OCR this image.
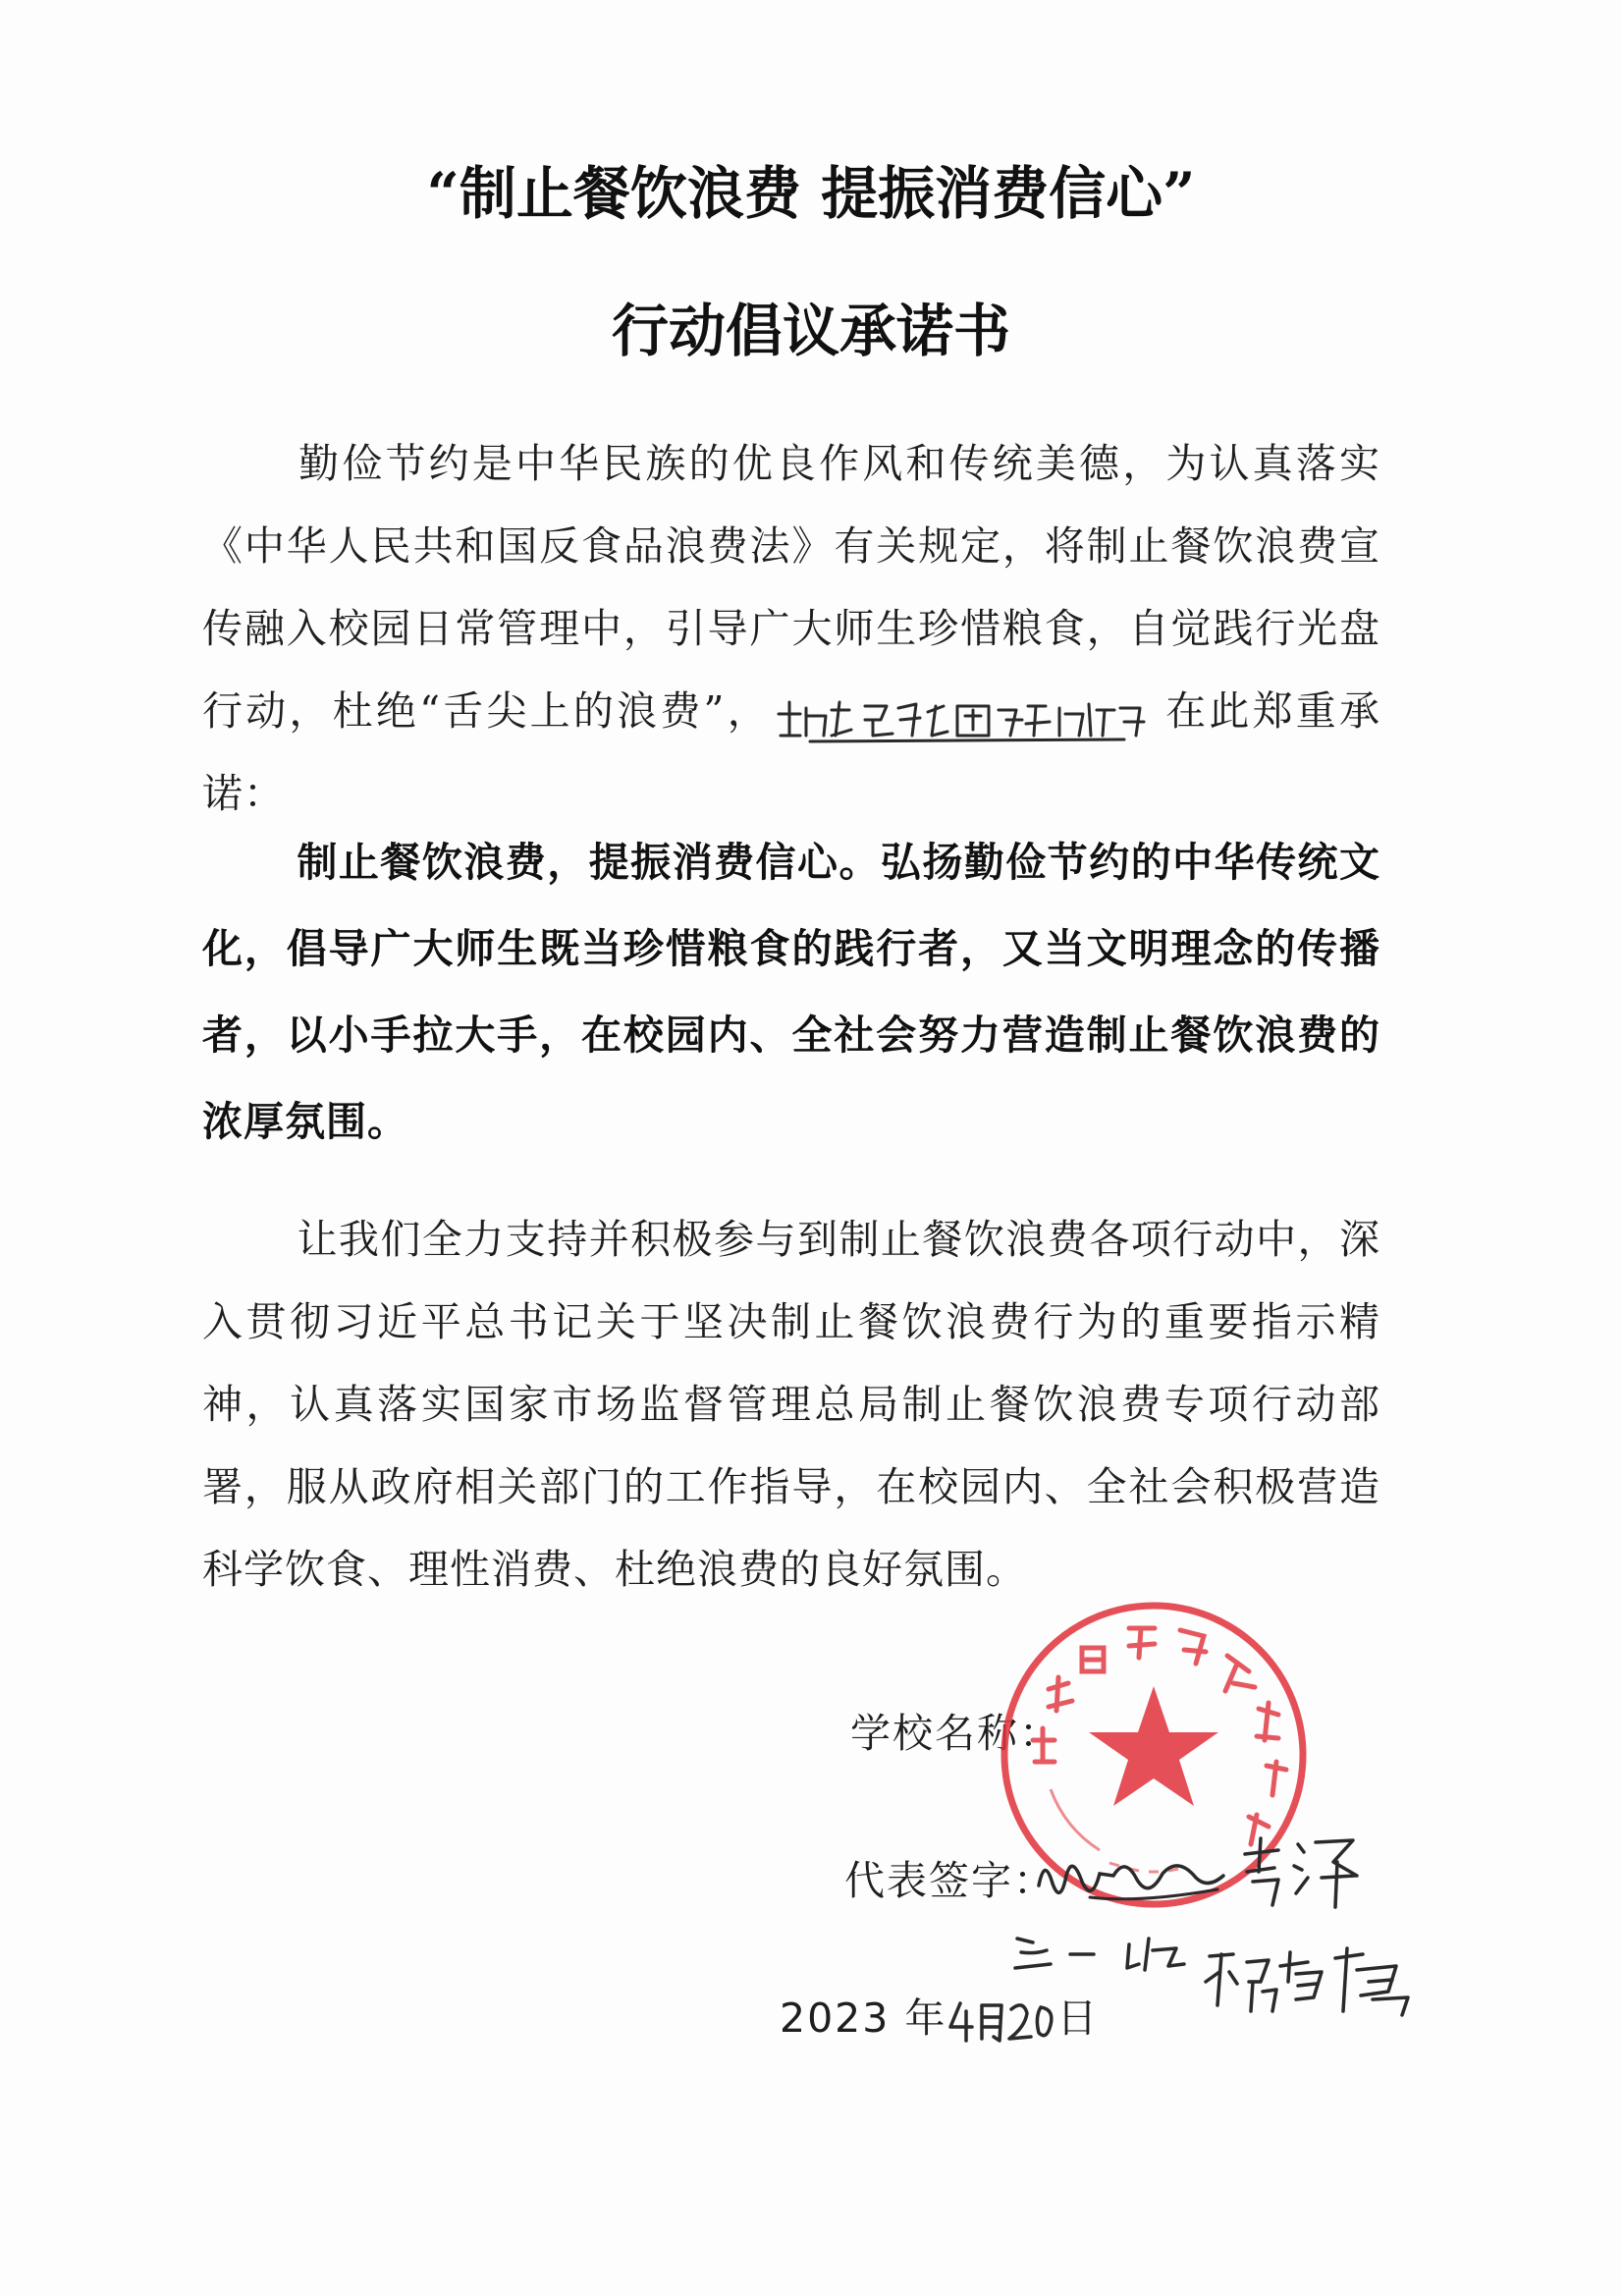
“制止餐饮浪费 提振消费信心”
行动倡议承诺书
勤俭节约是中华民族的优良作风和传统美德，为认真落实《中华人民共和国反食品浪费法》有关规定，将制止餐饮浪费宣传融入校园日常管理中，引导广大师生珍惜粮食，自觉践行光盘行动，杜绝“舌尖上的浪费”，	在此郑重承诺：
制止餐饮浪费，提振消费信心。弘扬勤俭节约的中华传统文化，倡导广大师生既当珍惜粮食的践行者，又当文明理念的传播者，以小手拉大手，在校园内、全社会努力营造制止餐饮浪费的浓厚氛围。
让我们全力支持并积极参与到制止餐饮浪费各项行动中，深入贯彻习近平总书记关于坚决制止餐饮浪费行为的重要指示精神，认真落实国家市场监督管理总局制止餐饮浪费专项行动部署，服从政府相关部门的工作指导，在校园内、全社会积极营造科学饮食、理性消费、杜绝浪费的良好氛围。
学校名称：
代表签字：
2023 年	日
